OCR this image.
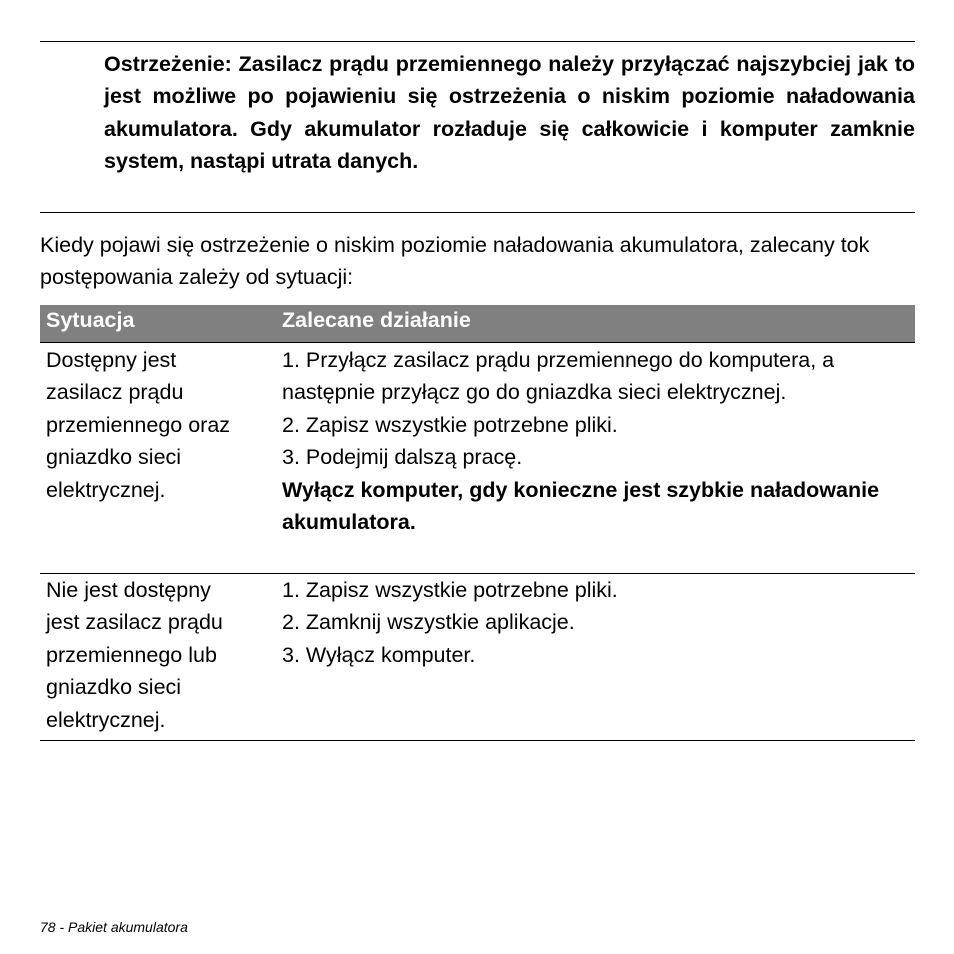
Ostrzeżenie: Zasilacz prądu przemiennego należy przyłączać najszybciej jak to jest możliwe po pojawieniu się ostrzeżenia o niskim poziomie naładowania akumulatora. Gdy akumulator rozładuje się całkowicie i komputer zamknie system, nastąpi utrata danych.

Kiedy pojawi się ostrzeżenie o niskim poziomie naładowania akumulatora, zalecany tok postępowania zależy od sytuacji:

Sytuacja	Zalecane działanie
Dostępny jest
zasilacz prądu
przemiennego oraz
gniazdko sieci
elektrycznej.
1. Przyłącz zasilacz prądu przemiennego do komputera, a następnie przyłącz go do gniazdka sieci elektrycznej.
2. Zapisz wszystkie potrzebne pliki.
3. Podejmij dalszą pracę.
Wyłącz komputer, gdy konieczne jest szybkie naładowanie akumulatora.
Nie jest dostępny
jest zasilacz prądu
przemiennego lub
gniazdko sieci
elektrycznej.
1. Zapisz wszystkie potrzebne pliki.
2. Zamknij wszystkie aplikacje.
3. Wyłącz komputer.
78 - Pakiet akumulatora
